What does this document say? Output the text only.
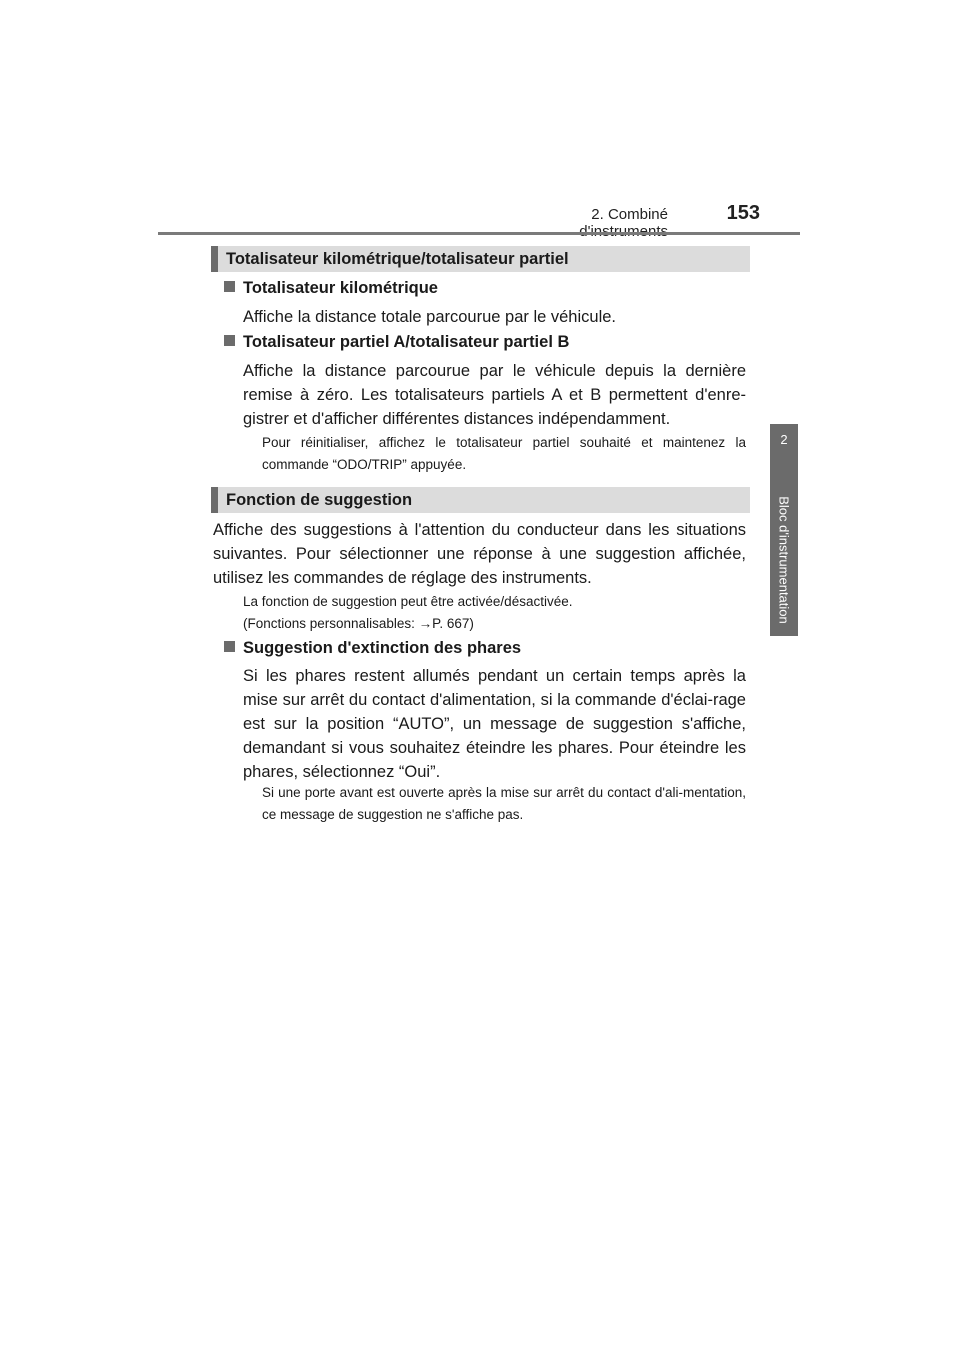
2. Combiné	153
2
Bloc d'instrumentation
Totalisateur kilométrique/totalisateur partiel
Totalisateur kilométrique
Affiche la distance totale parcourue par le véhicule.
Totalisateur partiel A/totalisateur partiel B
Affiche la distance parcourue par le véhicule depuis la dernière remise à zéro. Les totalisateurs partiels A et B permettent d'enre-gistrer et d'afficher différentes distances indépendamment.
Pour réinitialiser, affichez le totalisateur partiel souhaité et maintenez la commande “ODO/TRIP” appuyée.
Fonction de suggestion
Affiche des suggestions à l'attention du conducteur dans les situations suivantes. Pour sélectionner une réponse à une suggestion affichée, utilisez les commandes de réglage des instruments.
La fonction de suggestion peut être activée/désactivée.
(Fonctions personnalisables: →P. 667)
Suggestion d'extinction des phares
Si les phares restent allumés pendant un certain temps après la mise sur arrêt du contact d'alimentation, si la commande d'éclai-rage est sur la position “AUTO”, un message de suggestion s'affiche, demandant si vous souhaitez éteindre les phares. Pour éteindre les phares, sélectionnez “Oui”.
Si une porte avant est ouverte après la mise sur arrêt du contact d'ali-mentation, ce message de suggestion ne s'affiche pas.
